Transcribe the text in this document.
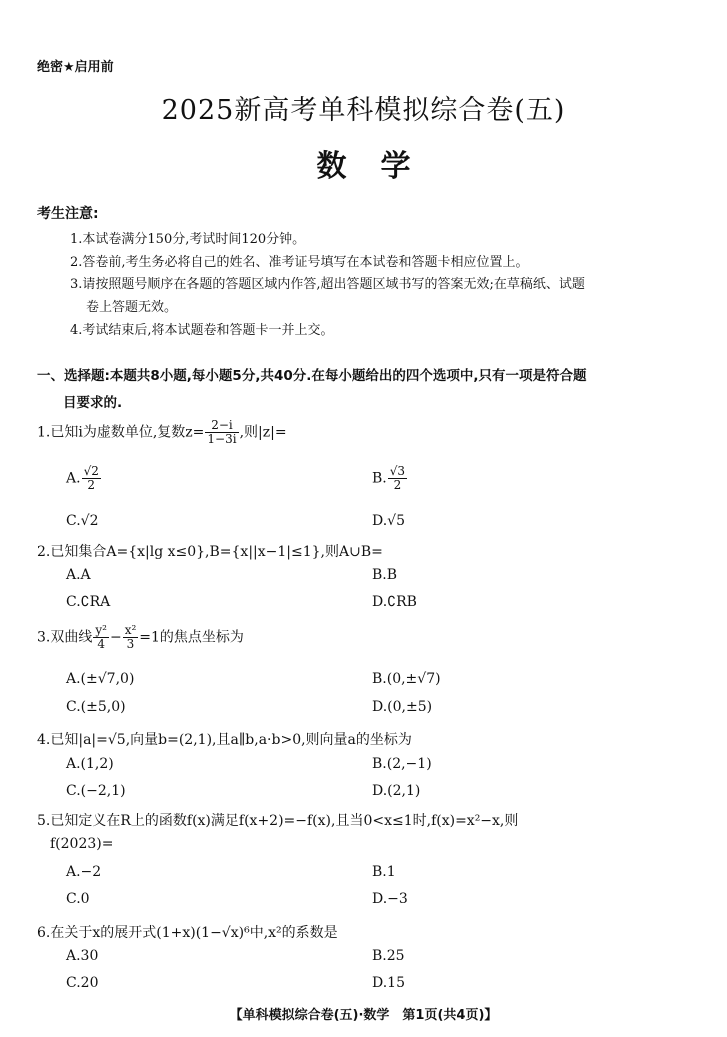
绝密★启用前
2025新高考单科模拟综合卷(五)
数学
考生注意:
1.本试卷满分150分,考试时间120分钟。
2.答卷前,考生务必将自己的姓名、准考证号填写在本试卷和答题卡相应位置上。
3.请按照题号顺序在各题的答题区域内作答,超出答题区域书写的答案无效;在草稿纸、试题
卷上答题无效。
4.考试结束后,将本试题卷和答题卡一并上交。
一、选择题:本题共8小题,每小题5分,共40分.在每小题给出的四个选项中,只有一项是符合题
目要求的.
1.已知i为虚数单位,复数$z= \frac{2-i}{1-3i}$ ,则|z|=
A. $\frac{√2}{2}$	B. $\frac{√3}{2}$
C.√2	D.√5
2.已知集合A={x|lg x≤0},B={x||x−1|≤1},则A∪B=
A.A	B.B
C.∁RA	D.∁RB
3.双曲线 $\frac{\text{y²}}{4} - \frac{\text{x²}}{3} =1$的焦点坐标为
A.(±√7,0)	B.(0,±√7)
C.(±5,0)	D.(0,±5)
4.已知|a|=√5,向量b=(2,1),且a∥b,a·b>0,则向量a的坐标为
A.(1,2)	B.(2,−1)
C.(−2,1)	D.(2,1)
5.已知定义在R上的函数f(x)满足f(x+2)=−f(x),且当0<x≤1时,f(x)=x²−x,则
f(2023)=
A.−2	B.1
C.0	D.−3
6.在关于x的展开式(1+x)(1−√x)⁶中,x²的系数是
A.30	B.25
C.20	D.15
【单科模拟综合卷(五)·数学　第1页(共4页)】
